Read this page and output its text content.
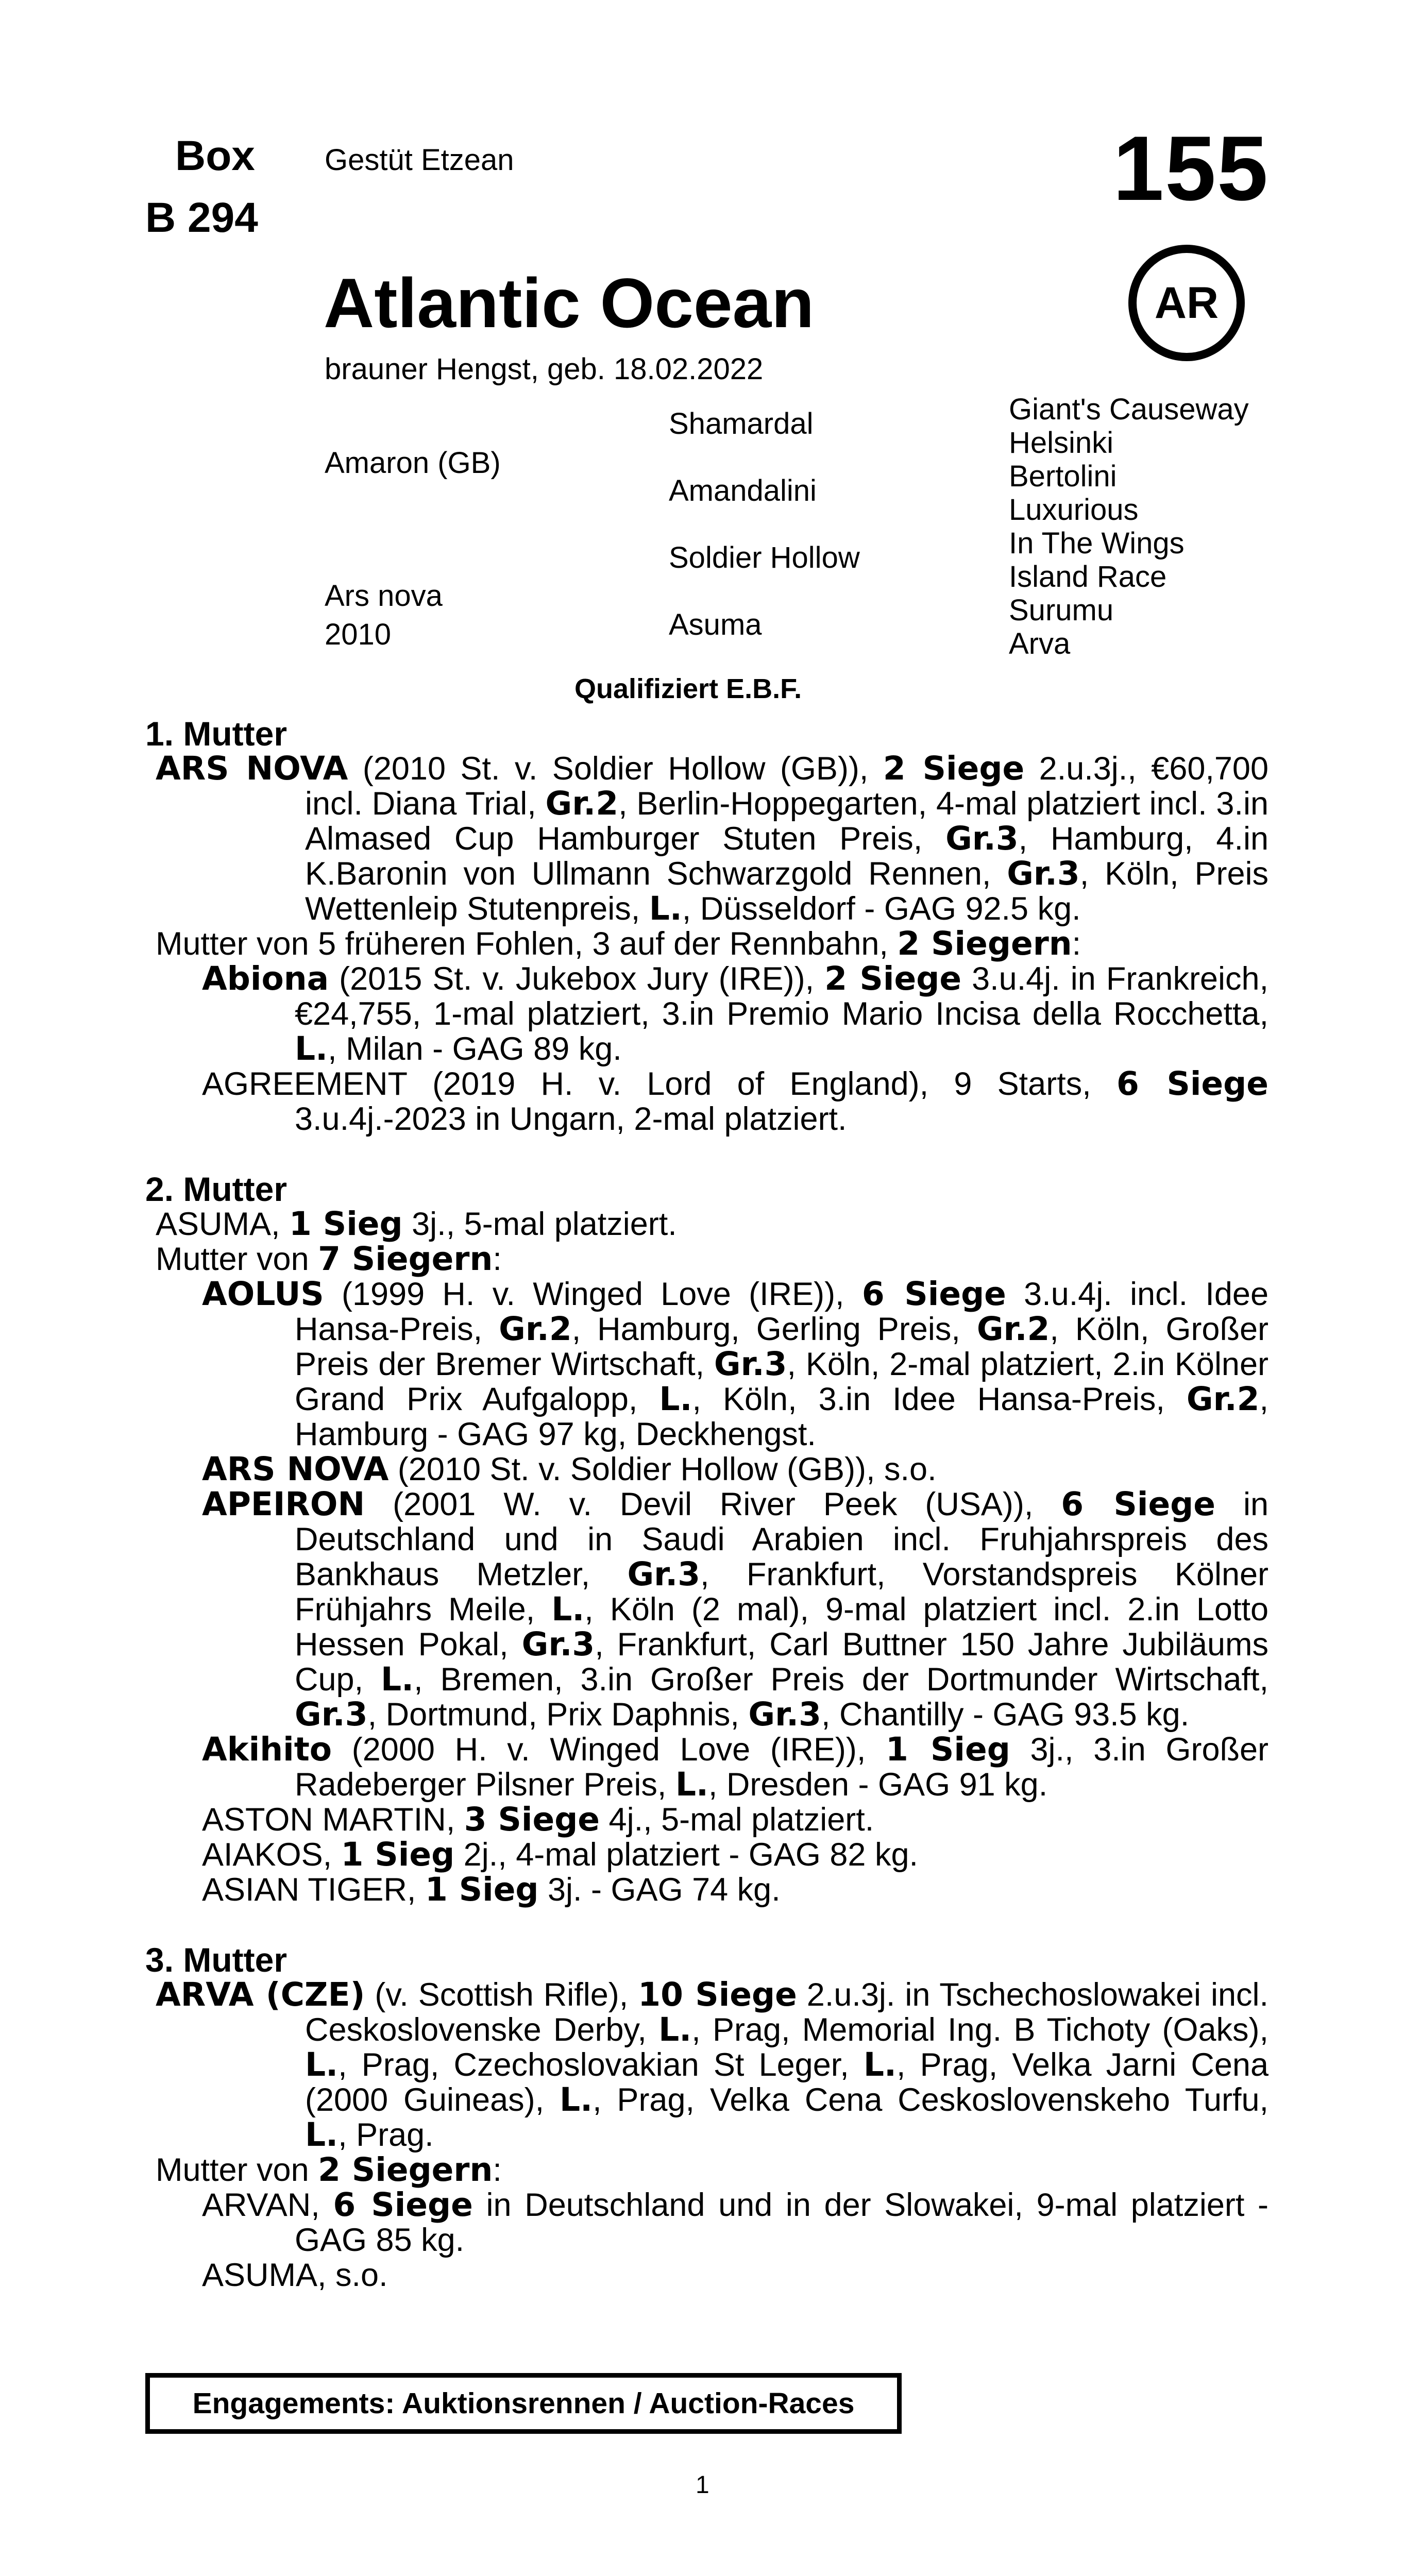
Box
B 294
Gestüt Etzean	155
Atlantic Ocean	AR
brauner Hengst, geb. 18.02.2022
Amaron (GB)
Ars nova
2010
Shamardal
Amandalini
Soldier Hollow
Asuma
Giant's Causeway
Helsinki
Bertolini
Luxurious
In The Wings
Island Race
Surumu
Arva
Qualifiziert E.B.F.
1. Mutter
ARS NOVA (2010 St. v. Soldier Hollow (GB)), 2 Siege 2.u.3j., €60,700 incl. Diana Trial, Gr.2, Berlin-Hoppegarten, 4-mal platziert incl. 3.in Almased Cup Hamburger Stuten Preis, Gr.3, Hamburg, 4.in K.Baronin von Ullmann Schwarzgold Rennen, Gr.3, Köln, Preis Wettenleip Stutenpreis, L., Düsseldorf - GAG 92.5 kg.
Mutter von 5 früheren Fohlen, 3 auf der Rennbahn, 2 Siegern:
Abiona (2015 St. v. Jukebox Jury (IRE)), 2 Siege 3.u.4j. in Frankreich, €24,755, 1-mal platziert, 3.in Premio Mario Incisa della Rocchetta, L., Milan - GAG 89 kg.
AGREEMENT (2019 H. v. Lord of England), 9 Starts, 6 Siege 3.u.4j.-2023 in Ungarn, 2-mal platziert.
2. Mutter
ASUMA, 1 Sieg 3j., 5-mal platziert.
Mutter von 7 Siegern:
AOLUS (1999 H. v. Winged Love (IRE)), 6 Siege 3.u.4j. incl. Idee Hansa-Preis, Gr.2, Hamburg, Gerling Preis, Gr.2, Köln, Großer Preis der Bremer Wirtschaft, Gr.3, Köln, 2-mal platziert, 2.in Kölner Grand Prix Aufgalopp, L., Köln, 3.in Idee Hansa-Preis, Gr.2, Hamburg - GAG 97 kg, Deckhengst.
ARS NOVA (2010 St. v. Soldier Hollow (GB)), s.o.
APEIRON (2001 W. v. Devil River Peek (USA)), 6 Siege in Deutschland und in Saudi Arabien incl. Fruhjahrspreis des Bankhaus Metzler, Gr.3, Frankfurt, Vorstandspreis Kölner Frühjahrs Meile, L., Köln (2 mal), 9-mal platziert incl. 2.in Lotto Hessen Pokal, Gr.3, Frankfurt, Carl Buttner 150 Jahre Jubiläums Cup, L., Bremen, 3.in Großer Preis der Dortmunder Wirtschaft, Gr.3, Dortmund, Prix Daphnis, Gr.3, Chantilly - GAG 93.5 kg.
Akihito (2000 H. v. Winged Love (IRE)), 1 Sieg 3j., 3.in Großer Radeberger Pilsner Preis, L., Dresden - GAG 91 kg.
ASTON MARTIN, 3 Siege 4j., 5-mal platziert.
AIAKOS, 1 Sieg 2j., 4-mal platziert - GAG 82 kg.
ASIAN TIGER, 1 Sieg 3j. - GAG 74 kg.
3. Mutter
ARVA (CZE) (v. Scottish Rifle), 10 Siege 2.u.3j. in Tschechoslowakei incl. Ceskoslovenske Derby, L., Prag, Memorial Ing. B Tichoty (Oaks), L., Prag, Czechoslovakian St Leger, L., Prag, Velka Jarni Cena (2000 Guineas), L., Prag, Velka Cena Ceskoslovenskeho Turfu, L., Prag.
Mutter von 2 Siegern:
ARVAN, 6 Siege in Deutschland und in der Slowakei, 9-mal platziert - GAG 85 kg.
ASUMA, s.o.
Engagements: Auktionsrennen / Auction-Races
1
